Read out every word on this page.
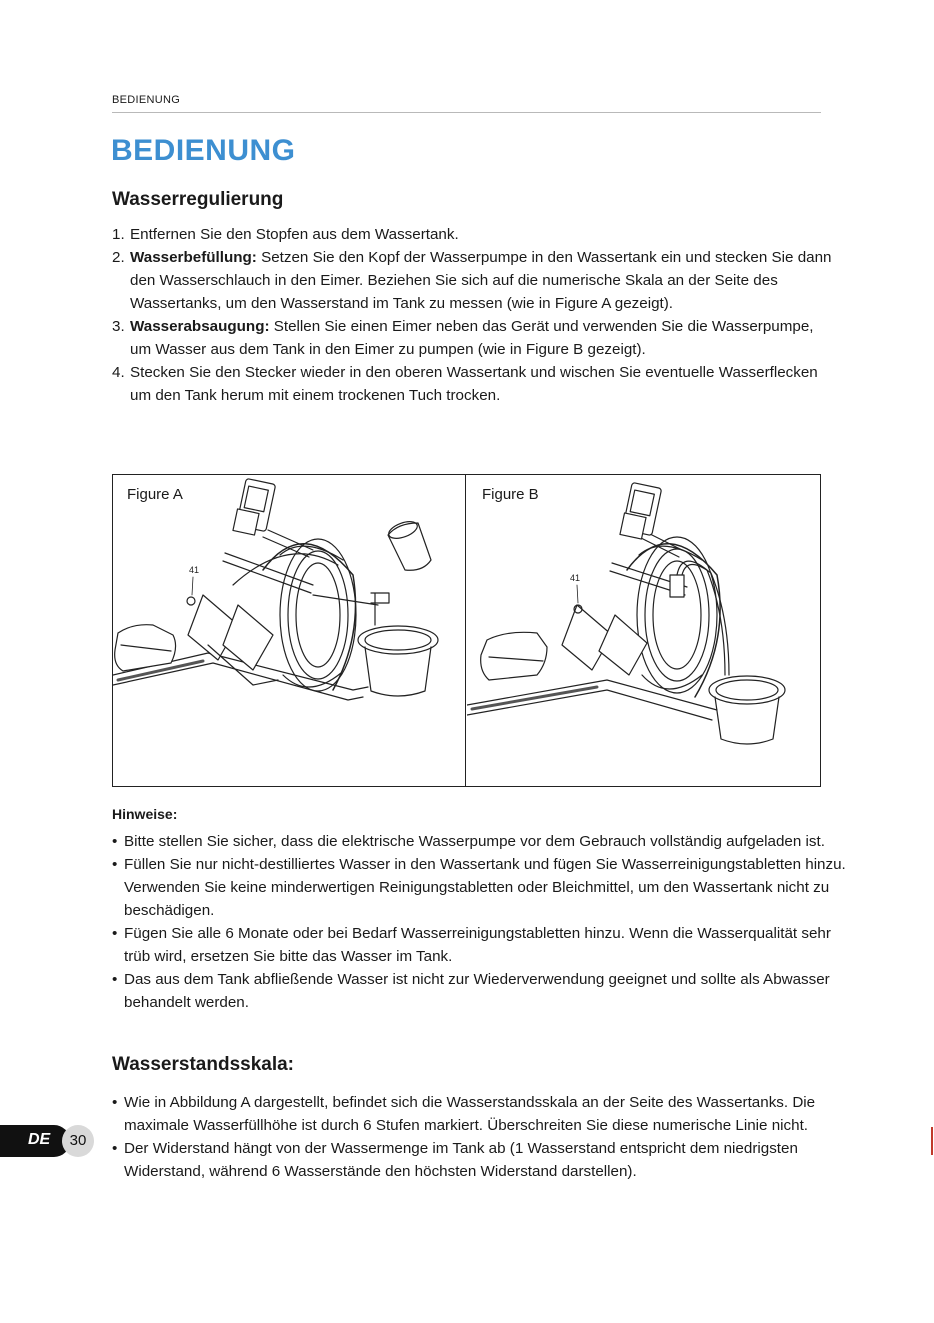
BEDIENUNG
BEDIENUNG
Wasserregulierung
1. Entfernen Sie den Stopfen aus dem Wassertank.
2. Wasserbefüllung: Setzen Sie den Kopf der Wasserpumpe in den Wassertank ein und stecken Sie dann den Wasserschlauch in den Eimer. Beziehen Sie sich auf die numerische Skala an der Seite des Wassertanks, um den Wasserstand im Tank zu messen (wie in Figure A gezeigt).
3. Wasserabsaugung: Stellen Sie einen Eimer neben das Gerät und verwenden Sie die Wasserpumpe, um Wasser aus dem Tank in den Eimer zu pumpen (wie in Figure B gezeigt).
4. Stecken Sie den Stecker wieder in den oberen Wassertank und wischen Sie eventuelle Wasserflecken um den Tank herum mit einem trockenen Tuch trocken.
Figure A	Figure B
41
41
Hinweise:
• Bitte stellen Sie sicher, dass die elektrische Wasserpumpe vor dem Gebrauch vollständig aufgeladen ist.
• Füllen Sie nur nicht-destilliertes Wasser in den Wassertank und fügen Sie Wasserreinigungstabletten hinzu. Verwenden Sie keine minderwertigen Reinigungstabletten oder Bleichmittel, um den Wassertank nicht zu beschädigen.
• Fügen Sie alle 6 Monate oder bei Bedarf Wasserreinigungstabletten hinzu. Wenn die Wasserqualität sehr trüb wird, ersetzen Sie bitte das Wasser im Tank.
• Das aus dem Tank abfließende Wasser ist nicht zur Wiederverwendung geeignet und sollte als Abwasser behandelt werden.
Wasserstandsskala:
• Wie in Abbildung A dargestellt, befindet sich die Wasserstandsskala an der Seite des Wassertanks. Die maximale Wasserfüllhöhe ist durch 6 Stufen markiert. Überschreiten Sie diese numerische Linie nicht.
• Der Widerstand hängt von der Wassermenge im Tank ab (1 Wasserstand entspricht dem niedrigsten Widerstand, während 6 Wasserstände den höchsten Widerstand darstellen).
DE	30
